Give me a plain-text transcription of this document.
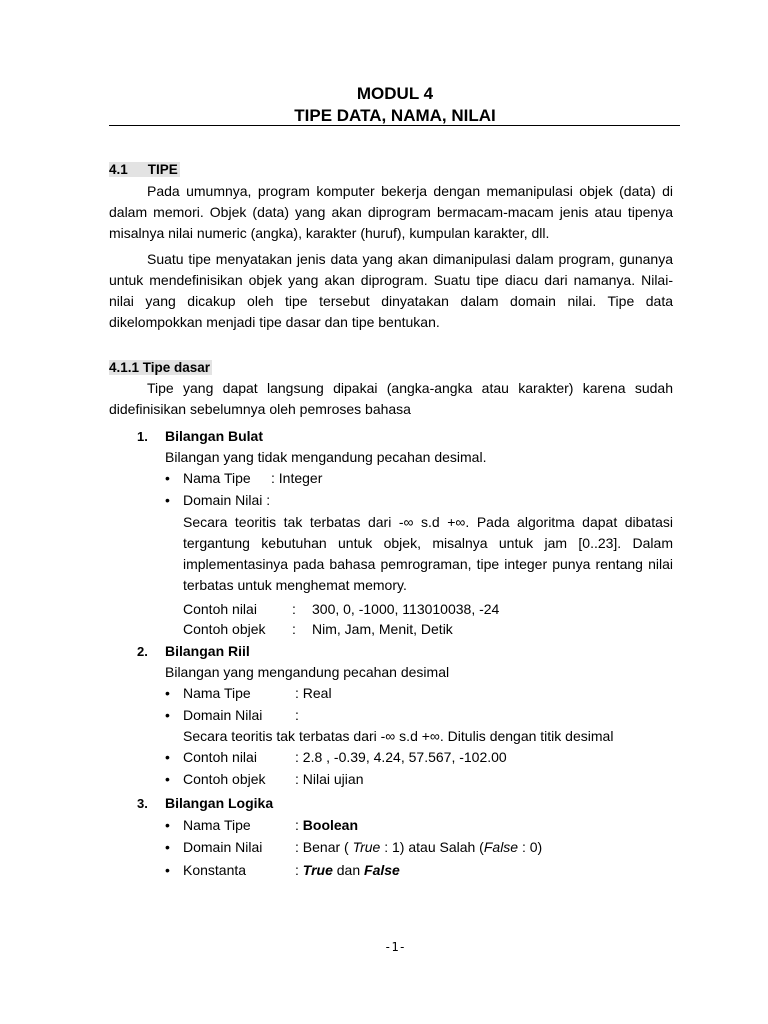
MODUL 4
TIPE DATA, NAMA, NILAI
4.1 TIPE
Pada umumnya, program komputer bekerja dengan memanipulasi objek (data) di dalam memori. Objek (data) yang akan diprogram bermacam-macam jenis atau tipenya misalnya nilai numeric (angka), karakter (huruf), kumpulan karakter, dll.
Suatu tipe menyatakan jenis data yang akan dimanipulasi dalam program, gunanya untuk mendefinisikan objek yang akan diprogram. Suatu tipe diacu dari namanya. Nilai-nilai yang dicakup oleh tipe tersebut dinyatakan dalam domain nilai. Tipe data dikelompokkan menjadi tipe dasar dan tipe bentukan.
4.1.1 Tipe dasar
Tipe yang dapat langsung dipakai (angka-angka atau karakter) karena sudah didefinisikan sebelumnya oleh pemroses bahasa
1. Bilangan Bulat
Bilangan yang tidak mengandung pecahan desimal.
• Nama Tipe : Integer
• Domain Nilai :
Secara teoritis tak terbatas dari -∞ s.d +∞. Pada algoritma dapat dibatasi tergantung kebutuhan untuk objek, misalnya untuk jam [0..23]. Dalam implementasinya pada bahasa pemrograman, tipe integer punya rentang nilai terbatas untuk menghemat memory.
Contoh nilai	: 300, 0, -1000, 113010038, -24
Contoh objek : Nim, Jam, Menit, Detik
2. Bilangan Riil
Bilangan yang mengandung pecahan desimal
• Nama Tipe	: Real
• Domain Nilai :
Secara teoritis tak terbatas dari -∞ s.d +∞. Ditulis dengan titik desimal
• Contoh nilai	: 2.8 , -0.39, 4.24, 57.567, -102.00
• Contoh objek : Nilai ujian
3. Bilangan Logika
• Nama Tipe	: Boolean
• Domain Nilai : Benar ( True : 1) atau Salah (False : 0)
• Konstanta	: True dan False
-1-
